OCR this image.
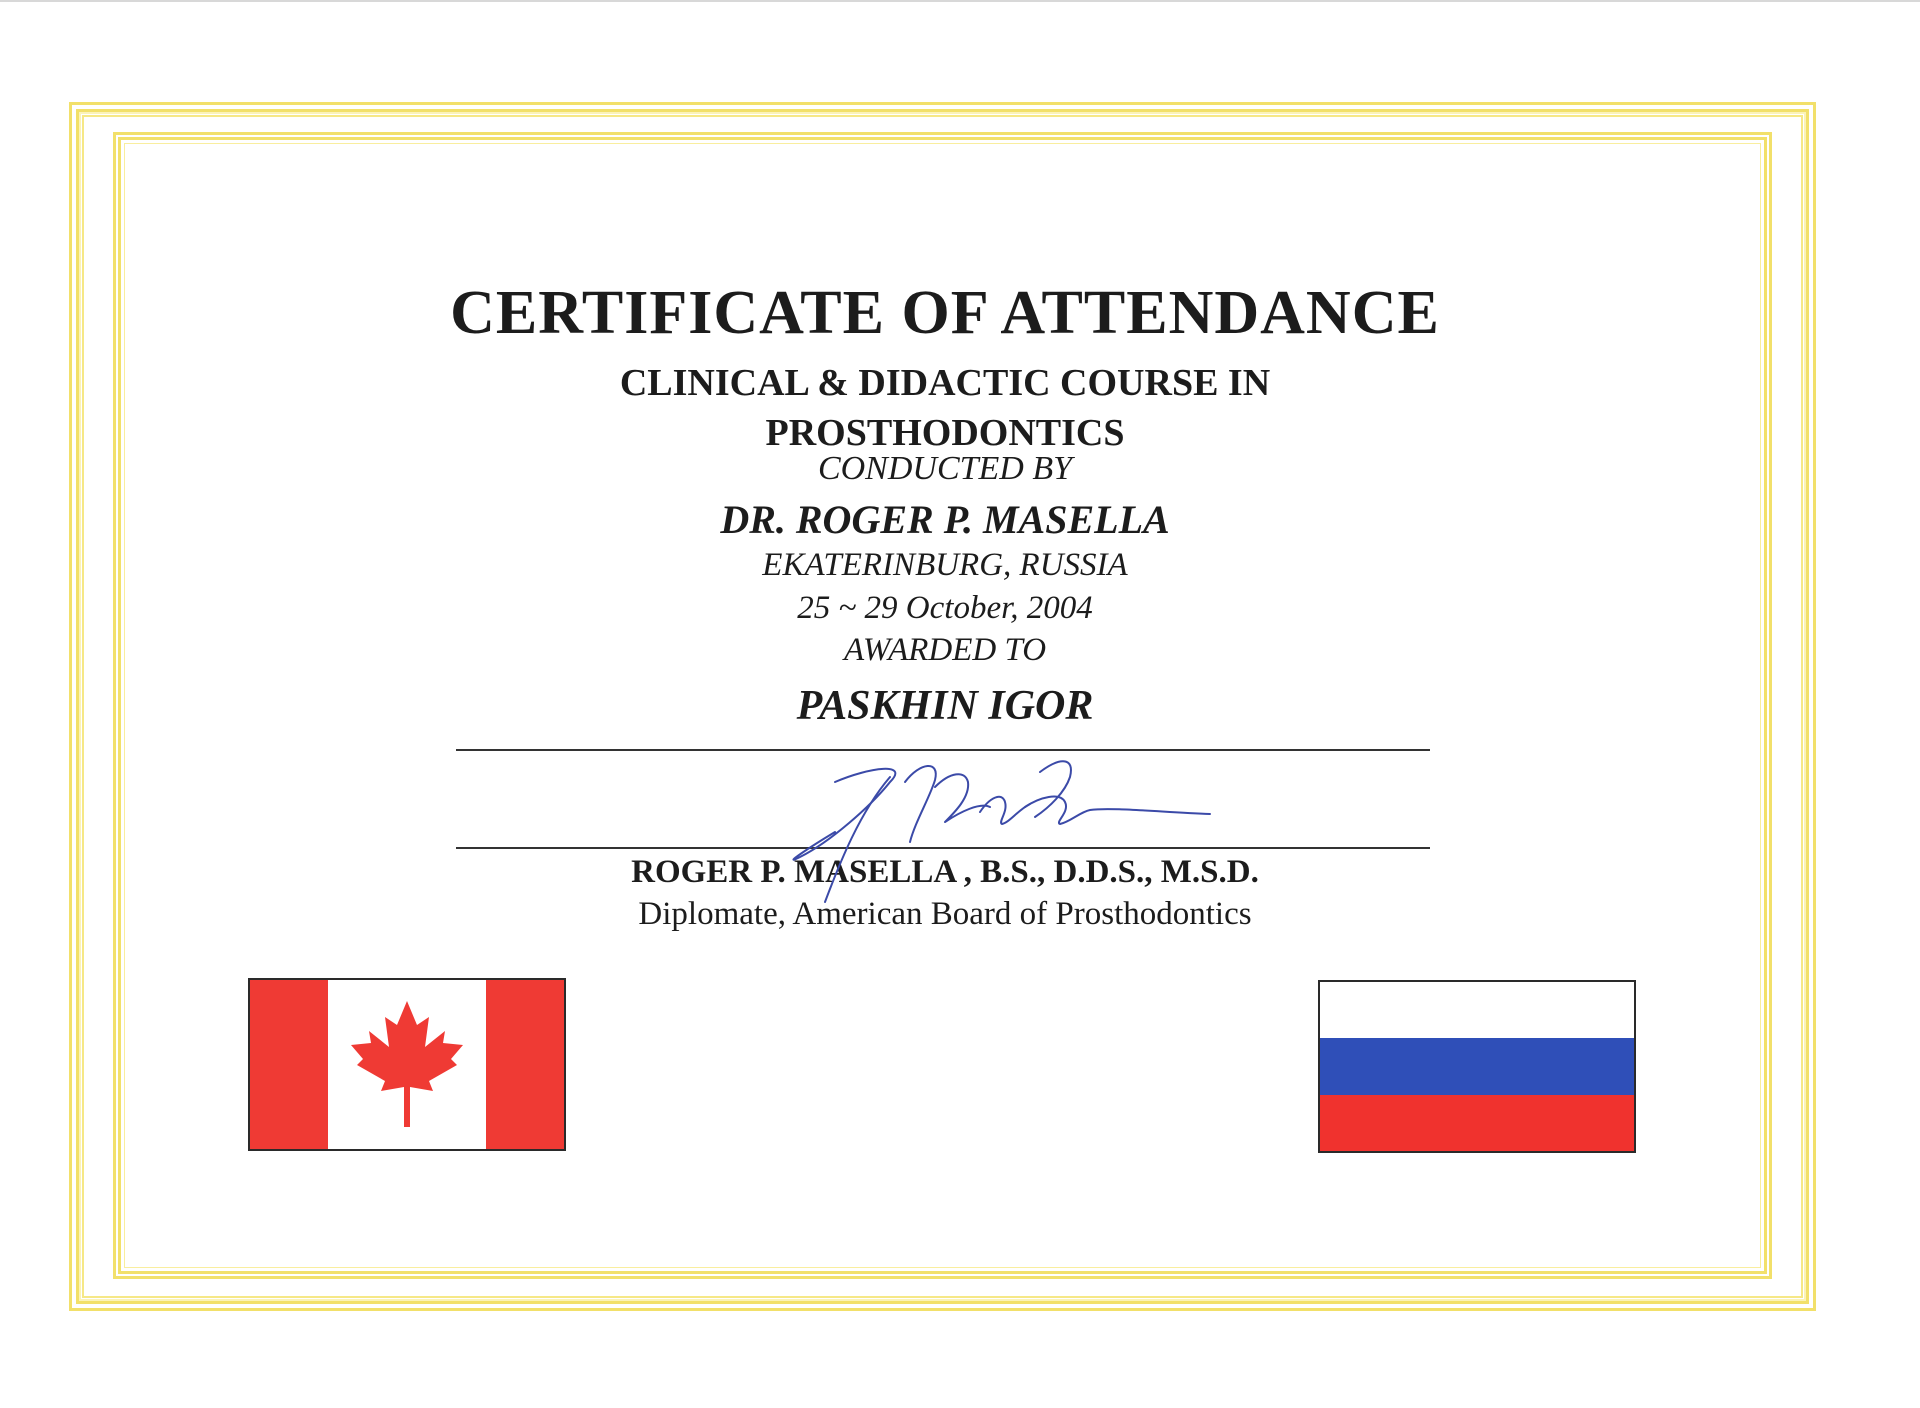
CERTIFICATE OF ATTENDANCE
CLINICAL & DIDACTIC COURSE IN
PROSTHODONTICS
CONDUCTED BY
DR. ROGER P. MASELLA
EKATERINBURG, RUSSIA
25 ~ 29 October, 2004
AWARDED TO
PASKHIN IGOR
ROGER P. MASELLA , B.S., D.D.S., M.S.D.
Diplomate, American Board of Prosthodontics
